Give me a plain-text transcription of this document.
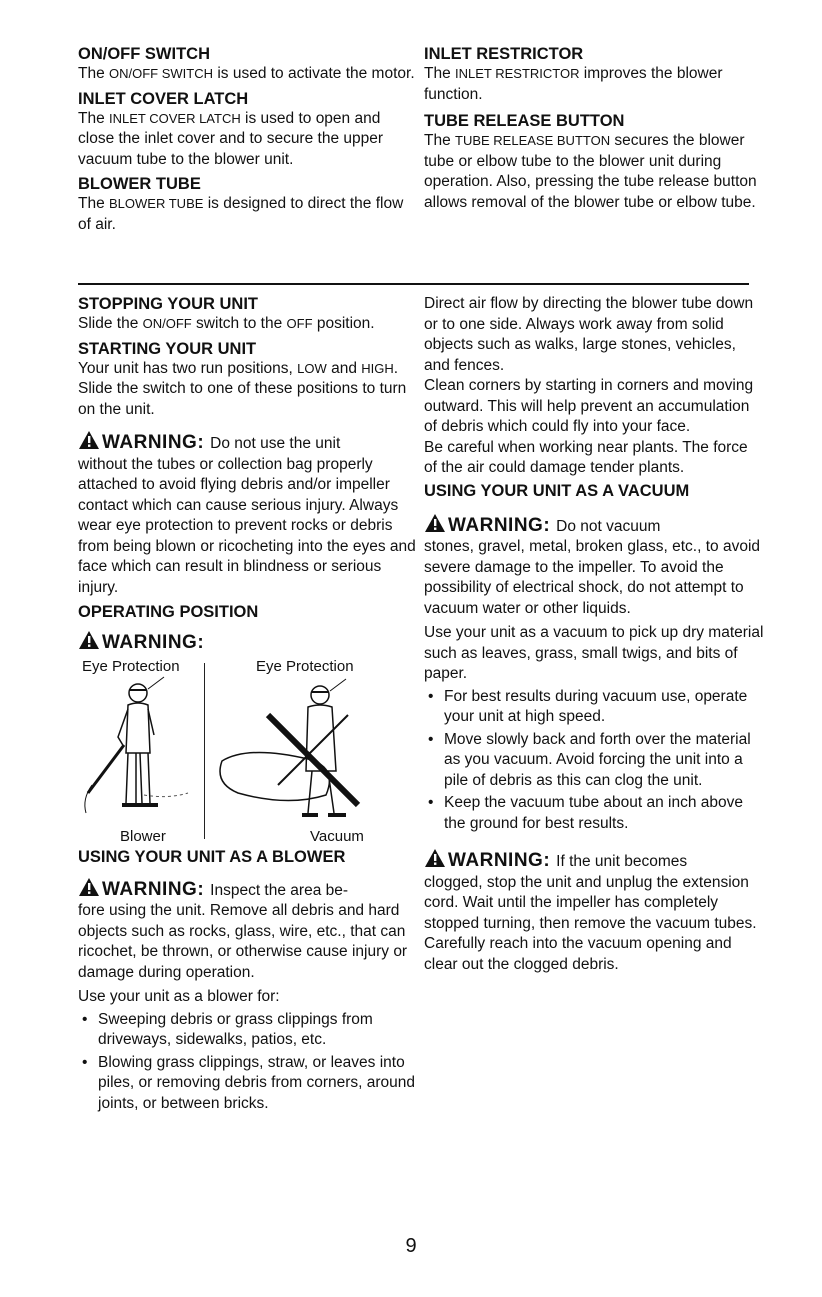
ON/OFF SWITCH

The ON/OFF SWITCH is used to activate the motor.

INLET COVER LATCH

The INLET COVER LATCH is used to open and close the inlet cover and to secure the upper vacuum tube to the blower unit.

BLOWER TUBE

The BLOWER TUBE is designed to direct the flow of air.

INLET RESTRICTOR

The INLET RESTRICTOR improves the blower function.

TUBE RELEASE BUTTON

The TUBE RELEASE BUTTON secures the blower tube or elbow tube to the blower unit during operation. Also, pressing the tube release button allows removal of the blower tube or elbow tube.

STOPPING YOUR UNIT

Slide the ON/OFF switch to the OFF position.

STARTING YOUR UNIT

Your unit has two run positions, LOW and HIGH. Slide the switch to one of these positions to turn on the unit.

WARNING: Do not use the unit

without the tubes or collection bag properly attached to avoid flying debris and/or impeller contact which can cause serious injury. Always wear eye protection to prevent rocks or debris from being blown or ricocheting into the eyes and face which can result in blindness or serious injury.

OPERATING POSITION

WARNING:
Eye Protection	Eye Protection
Blower	Vacuum

USING YOUR UNIT AS A BLOWER

WARNING: Inspect the area be-

fore using the unit. Remove all debris and hard objects such as rocks, glass, wire, etc., that can ricochet, be thrown, or otherwise cause injury or damage during operation.

Use your unit as a blower for:

• Sweeping debris or grass clippings from driveways, sidewalks, patios, etc.
• Blowing grass clippings, straw, or leaves into piles, or removing debris from corners, around joints, or between bricks.

Direct air flow by directing the blower tube down or to one side. Always work away from solid objects such as walks, large stones, vehicles, and fences.

Clean corners by starting in corners and moving outward. This will help prevent an accumulation of debris which could fly into your face.

Be careful when working near plants. The force of the air could damage tender plants.

USING YOUR UNIT AS A VACUUM

WARNING: Do not vacuum

stones, gravel, metal, broken glass, etc., to avoid severe damage to the impeller. To avoid the possibility of electrical shock, do not attempt to vacuum water or other liquids.

Use your unit as a vacuum to pick up dry material such as leaves, grass, small twigs, and bits of paper.

• For best results during vacuum use, operate your unit at high speed.
• Move slowly back and forth over the material as you vacuum. Avoid forcing the unit into a pile of debris as this can clog the unit.
• Keep the vacuum tube about an inch above the ground for best results.
WARNING: If the unit becomes

clogged, stop the unit and unplug the extension cord. Wait until the impeller has completely stopped turning, then remove the vacuum tubes. Carefully reach into the vacuum opening and clear out the clogged debris.

9
